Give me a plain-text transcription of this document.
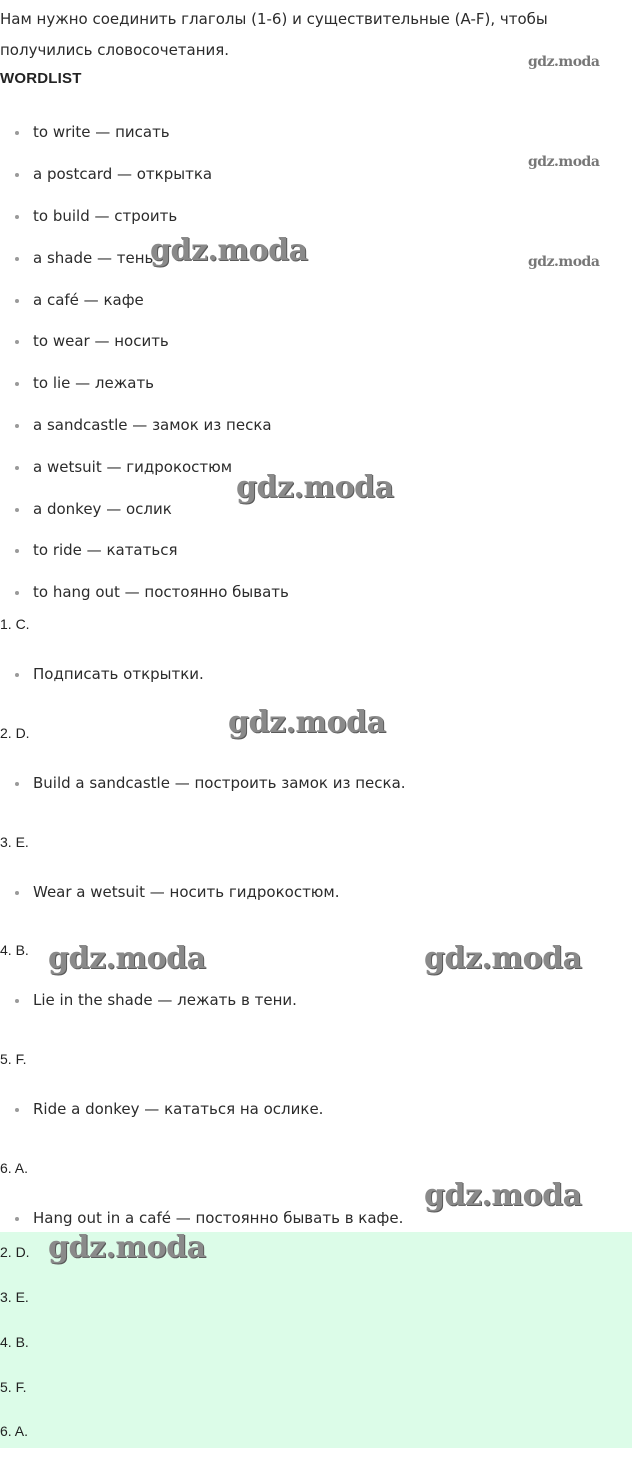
Нам нужно соединить глаголы (1-6) и существительные (A-F), чтобы получились словосочетания.

WORDLIST
to write — писать
a postcard — открытка
to build — строить
a shade — тень
a café — кафе
to wear — носить
to lie — лежать
a sandcastle — замок из песка
a wetsuit — гидрокостюм
a donkey — ослик
to ride — кататься
to hang out — постоянно бывать
1. C.
Подписать открытки.
2. D.
Build a sandcastle — построить замок из песка.
3. E.
Wear a wetsuit — носить гидрокостюм.
4. B.
Lie in the shade — лежать в тени.
5. F.
Ride a donkey — кататься на ослике.
6. A.
Hang out in a café — постоянно бывать в кафе.
2. D.
3. E.
4. B.
5. F.
6. A.
gdz.moda
gdz.moda
gdz.moda
gdz.moda
gdz.moda
gdz.moda
gdz.moda	gdz.moda
gdz.moda
gdz.moda
